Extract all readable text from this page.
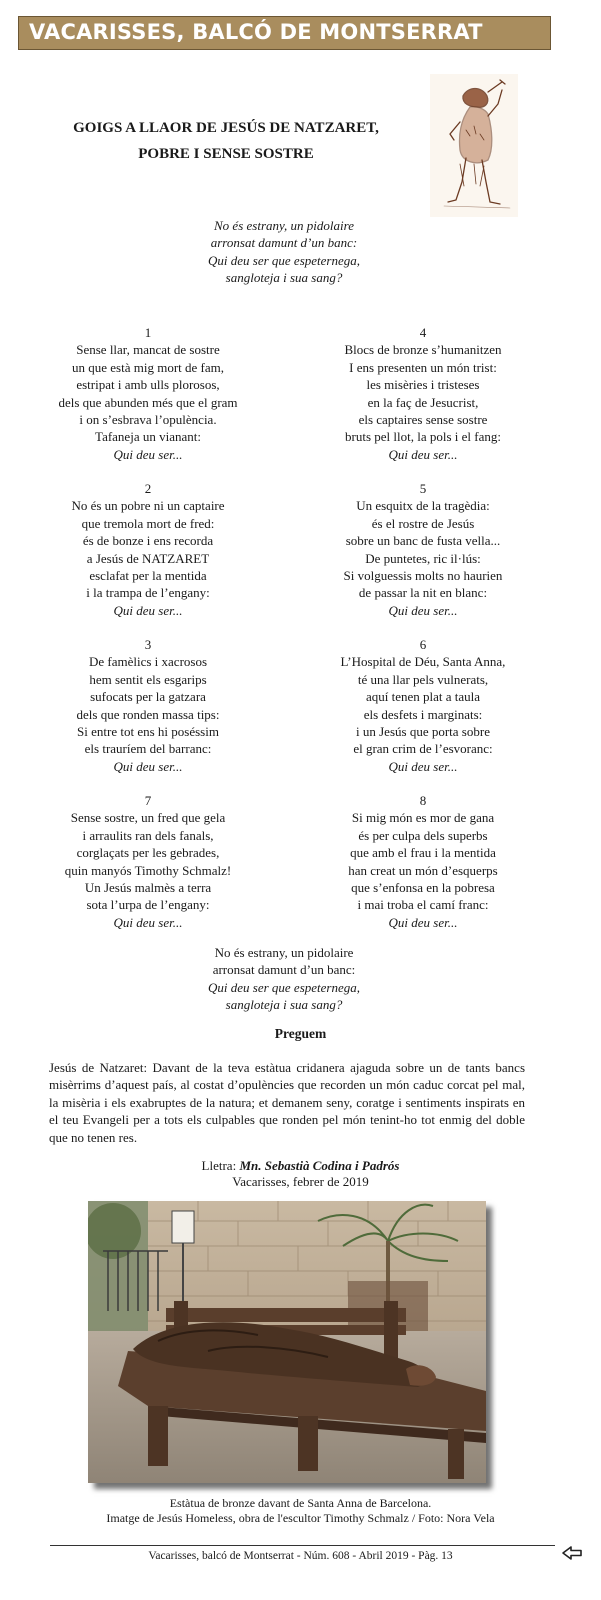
VACARISSES, BALCÓ DE MONTSERRAT
GOIGS A LLAOR DE JESÚS DE NATZARET,
POBRE I SENSE SOSTRE
No és estrany, un pidolaire
arronsat damunt d’un banc:
Qui deu ser que espeternega,
sangloteja i sua sang?
1
Sense llar, mancat de sostre
un que està mig mort de fam,
estripat i amb ulls plorosos,
dels que abunden més que el gram
i on s’esbrava l’opulència.
Tafaneja un vianant:
Qui deu ser...
4
Blocs de bronze s’humanitzen
I ens presenten un món trist:
les misèries i tristeses
en la faç de Jesucrist,
els captaires sense sostre
bruts pel llot, la pols i el fang:
Qui deu ser...
2
No és un pobre ni un captaire
que tremola mort de fred:
és de bonze i ens recorda
a Jesús de NATZARET
esclafat per la mentida
i la trampa de l’engany:
Qui deu ser...
5
Un esquitx de la tragèdia:
és el rostre de Jesús
sobre un banc de fusta vella...
De puntetes, ric il·lús:
Si volguessis molts no haurien
de passar la nit en blanc:
Qui deu ser...
3
De famèlics i xacrosos
hem sentit els esgarips
sufocats per la gatzara
dels que ronden massa tips:
Si entre tot ens hi poséssim
els trauríem del barranc:
Qui deu ser...
6
L’Hospital de Déu, Santa Anna,
té una llar pels vulnerats,
aquí tenen plat a taula
els desfets i marginats:
i un Jesús que porta sobre
el gran crim de l’esvoranc:
Qui deu ser...
7
Sense sostre, un fred que gela
i arraulits ran dels fanals,
corglaçats per les gebrades,
quin manyós Timothy Schmalz!
Un Jesús malmès a terra
sota l’urpa de l’engany:
Qui deu ser...
8
Si mig món es mor de gana
és per culpa dels superbs
que amb el frau i la mentida
han creat un món d’esquerps
que s’enfonsa en la pobresa
i mai troba el camí franc:
Qui deu ser...
No és estrany, un pidolaire
arronsat damunt d’un banc:
Qui deu ser que espeternega,
sangloteja i sua sang?
Preguem
Jesús de Natzaret: Davant de la teva estàtua cridanera ajaguda sobre un de tants bancs misèrrims d’aquest país, al costat d’opulències que recorden un món caduc corcat pel mal, la misèria i els exabruptes de la natura; et demanem seny, coratge i sentiments inspirats en el teu Evangeli per a tots els culpables que ronden pel món tenint-ho tot enmig del doble que no tenen res.
Lletra: Mn. Sebastià Codina i Padrós
Vacarisses, febrer de 2019
Estàtua de bronze davant de Santa Anna de Barcelona.
Imatge de Jesús Homeless, obra de l'escultor Timothy Schmalz / Foto: Nora Vela
Vacarisses, balcó de Montserrat - Núm. 608 - Abril 2019 - Pàg. 13
